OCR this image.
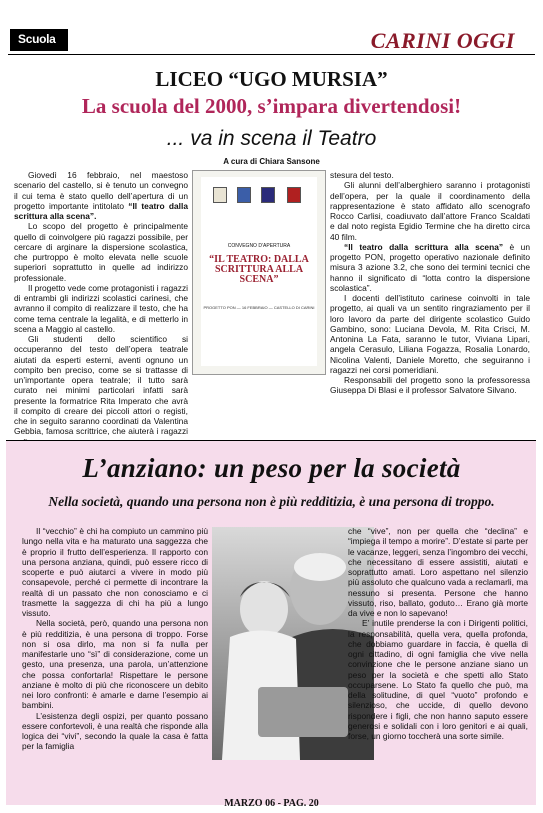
Scuola	CARINI OGGI
LICEO “UGO MURSIA”
La scuola del 2000, s’impara divertendosi!
... va in scena il Teatro
A cura di Chiara Sansone

Giovedì 16 febbraio, nel maestoso scenario del castello, si è tenuto un convegno il cui tema è stato quello dell’apertura di un progetto importante intitolato “Il teatro dalla scrittura alla scena”.

Lo scopo del progetto è principalmente quello di coinvolgere più ragazzi possibile, per cercare di arginare la dispersione scolastica, che purtroppo è molto elevata nelle scuole superiori soprattutto in quelle ad indirizzo professionale.

Il progetto vede come protagonisti i ragazzi di entrambi gli indirizzi scolastici carinesi, che avranno il compito di realizzare il testo, che ha come tema centrale la legalità, e di metterlo in scena a Maggio al castello.

Gli studenti dello scientifico si occuperanno del testo dell’opera teatrale aiutati da esperti esterni, aventi ognuno un compito ben preciso, come se si trattasse di un’importante opera teatrale; il tutto sarà curato nei minimi particolari infatti sarà presente la formatrice Rita Imperato che avrà il compito di creare dei piccoli attori o registi, che in seguito saranno coordinati da Valentina Gebbia, famosa scrittrice, che aiuterà i ragazzi

CONVEGNO D’APERTURA
“IL TEATRO: DALLA SCRITTURA ALLA SCENA”
PROGETTO PON — 16 FEBBRAIO — CASTELLO DI CARINI

stesura del testo.

Gli alunni dell’alberghiero saranno i protagonisti dell’opera, per la quale il coordinamento della rappresentazione è stato affidato allo scenografo Rocco Carlisi, coadiuvato dall’attore Franco Scaldati e dal noto regista Egidio Termine che ha diretto circa 40 film.

“Il teatro dalla scrittura alla scena” è un progetto PON, progetto operativo nazionale definito misura 3 azione 3.2, che sono dei termini tecnici che hanno il significato di “lotta contro la dispersione scolastica”.

I docenti dell’istituto carinese coinvolti in tale progetto, ai quali va un sentito ringraziamento per il loro lavoro da parte del dirigente scolastico Guido Gambino, sono: Luciana Devola, M. Rita Crisci, M. Antonina La Fata, saranno le tutor, Viviana Lipari, angela Cerasulo, Liliana Fogazza, Rosalia Lonardo, Nicolina Valenti, Daniele Moretto, che seguiranno i ragazzi nei corsi pomeridiani.

Responsabili del progetto sono la professoressa Giuseppa Di Blasi e il professor Salvatore Silvano.

L’anziano: un peso per la società
Nella società, quando una persona non è più redditizia, è una persona di troppo.

Il “vecchio” è chi ha compiuto un cammino più lungo nella vita e ha maturato una saggezza che è proprio il frutto dell’esperienza. Il rapporto con una persona anziana, quindi, può essere ricco di scoperte e può aiutarci a vivere in modo più consapevole, perché ci permette di incontrare la realtà di un passato che non conosciamo e ci trasmette la saggezza di chi ha più a lungo vissuto.

Nella società, però, quando una persona non è più redditizia, è una persona di troppo. Forse non si osa dirlo, ma non si fa nulla per manifestarle uno “sì” di considerazione, come un gesto, una presenza, una parola, un’attenzione che possa confortarla! Rispettare le persone anziane è molto di più che riconoscere un debito nei loro confronti: è amarle e darne l’esempio ai bambini.

L’esistenza degli ospizi, per quanto possano essere confortevoli, è una realtà che risponde alla logica dei “vivi”, secondo la quale la casa è fatta per la famiglia

che “vive”, non per quella che “declina” e “impiega il tempo a morire”. D’estate si parte per le vacanze, leggeri, senza l’ingombro dei vecchi, che necessitano di essere assistiti, aiutati e soprattutto amati. Loro aspettano nel silenzio più assoluto che qualcuno vada a reclamarli, ma nessuno si presenta. Persone che hanno vissuto, riso, ballato, goduto… Erano già morte da vive e non lo sapevano!

E’ inutile prenderse la con i Dirigenti politici, la responsabilità, quella vera, quella profonda, che dobbiamo guardare in faccia, è quella di ogni cittadino, di ogni famiglia che vive nella convinzione che le persone anziane siano un peso per la società e che spetti allo Stato occuparsene. Lo Stato fa quello che può, ma della solitudine, di quel “vuoto” profondo e silenzioso, che uccide, di quello devono rispondere i figli, che non hanno saputo essere generosi e solidali con i loro genitori e ai quali, forse, un giorno toccherà una sorte simile.

MARZO 06 - PAG. 20
